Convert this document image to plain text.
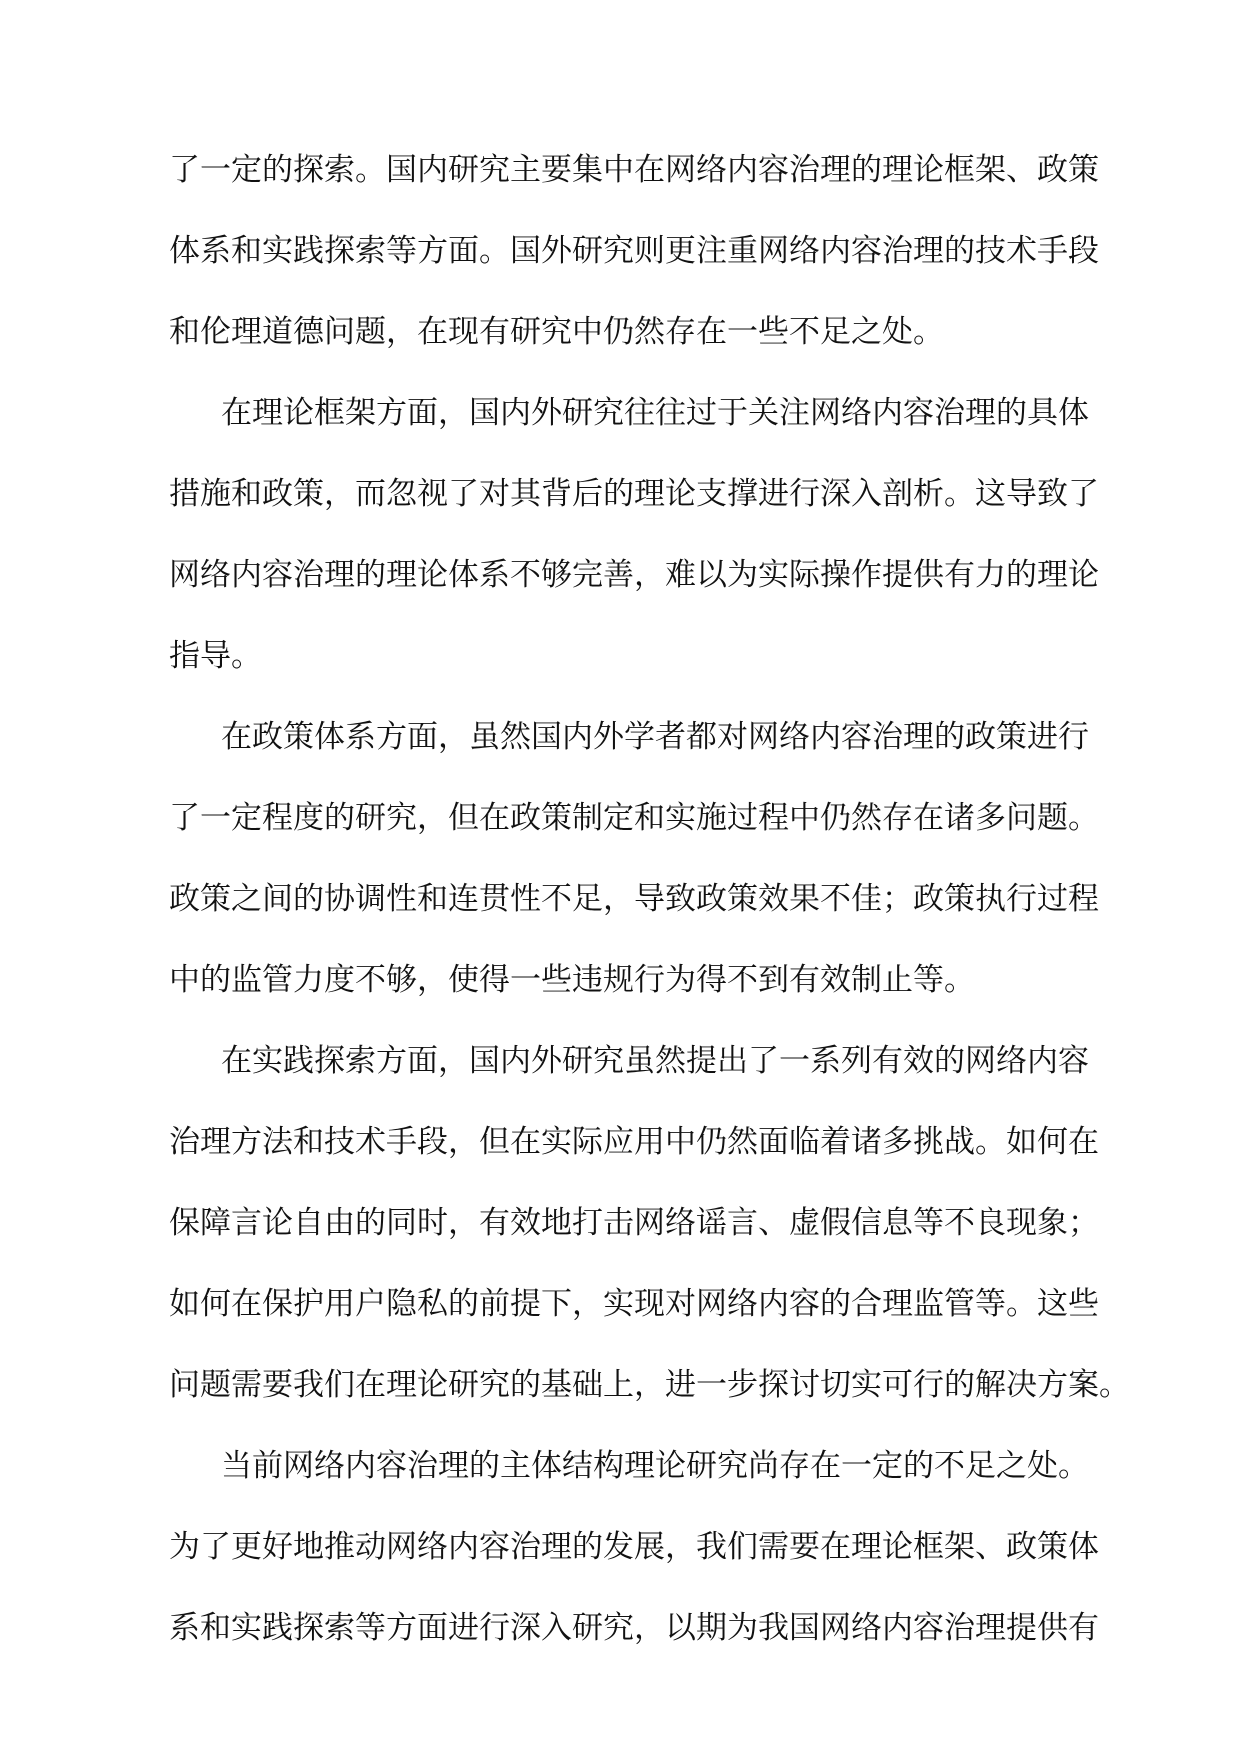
了一定的探索。国内研究主要集中在网络内容治理的理论框架、政策
体系和实践探索等方面。国外研究则更注重网络内容治理的技术手段
和伦理道德问题，在现有研究中仍然存在一些不足之处。
在理论框架方面，国内外研究往往过于关注网络内容治理的具体
措施和政策，而忽视了对其背后的理论支撑进行深入剖析。这导致了
网络内容治理的理论体系不够完善，难以为实际操作提供有力的理论
指导。
在政策体系方面，虽然国内外学者都对网络内容治理的政策进行
了一定程度的研究，但在政策制定和实施过程中仍然存在诸多问题。
政策之间的协调性和连贯性不足，导致政策效果不佳；政策执行过程
中的监管力度不够，使得一些违规行为得不到有效制止等。
在实践探索方面，国内外研究虽然提出了一系列有效的网络内容
治理方法和技术手段，但在实际应用中仍然面临着诸多挑战。如何在
保障言论自由的同时，有效地打击网络谣言、虚假信息等不良现象；
如何在保护用户隐私的前提下，实现对网络内容的合理监管等。这些
问题需要我们在理论研究的基础上，进一步探讨切实可行的解决方案。
当前网络内容治理的主体结构理论研究尚存在一定的不足之处。
为了更好地推动网络内容治理的发展，我们需要在理论框架、政策体
系和实践探索等方面进行深入研究，以期为我国网络内容治理提供有
